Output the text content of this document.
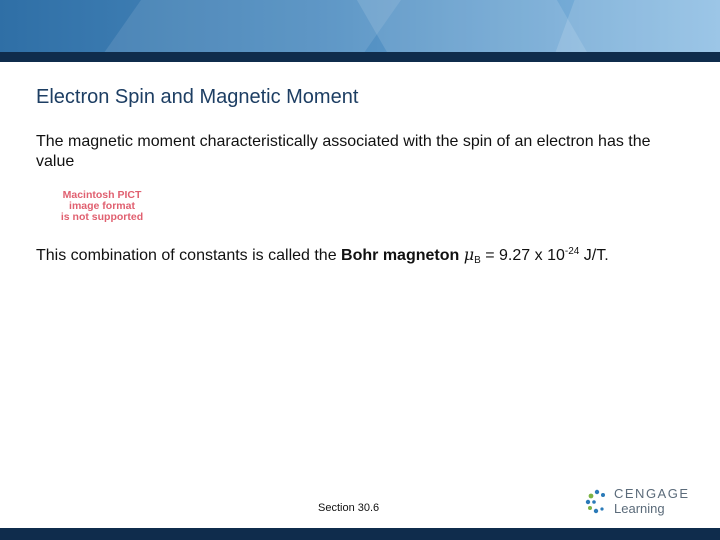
Electron Spin and Magnetic Moment

The magnetic moment characteristically associated with the spin of an electron has the value

Macintosh PICT
image format
is not supported

This combination of constants is called the Bohr magneton $\mu_B = 9.27$ x $10^{-24}$ J/T.

Section 30.6
CENGAGE
Learning
